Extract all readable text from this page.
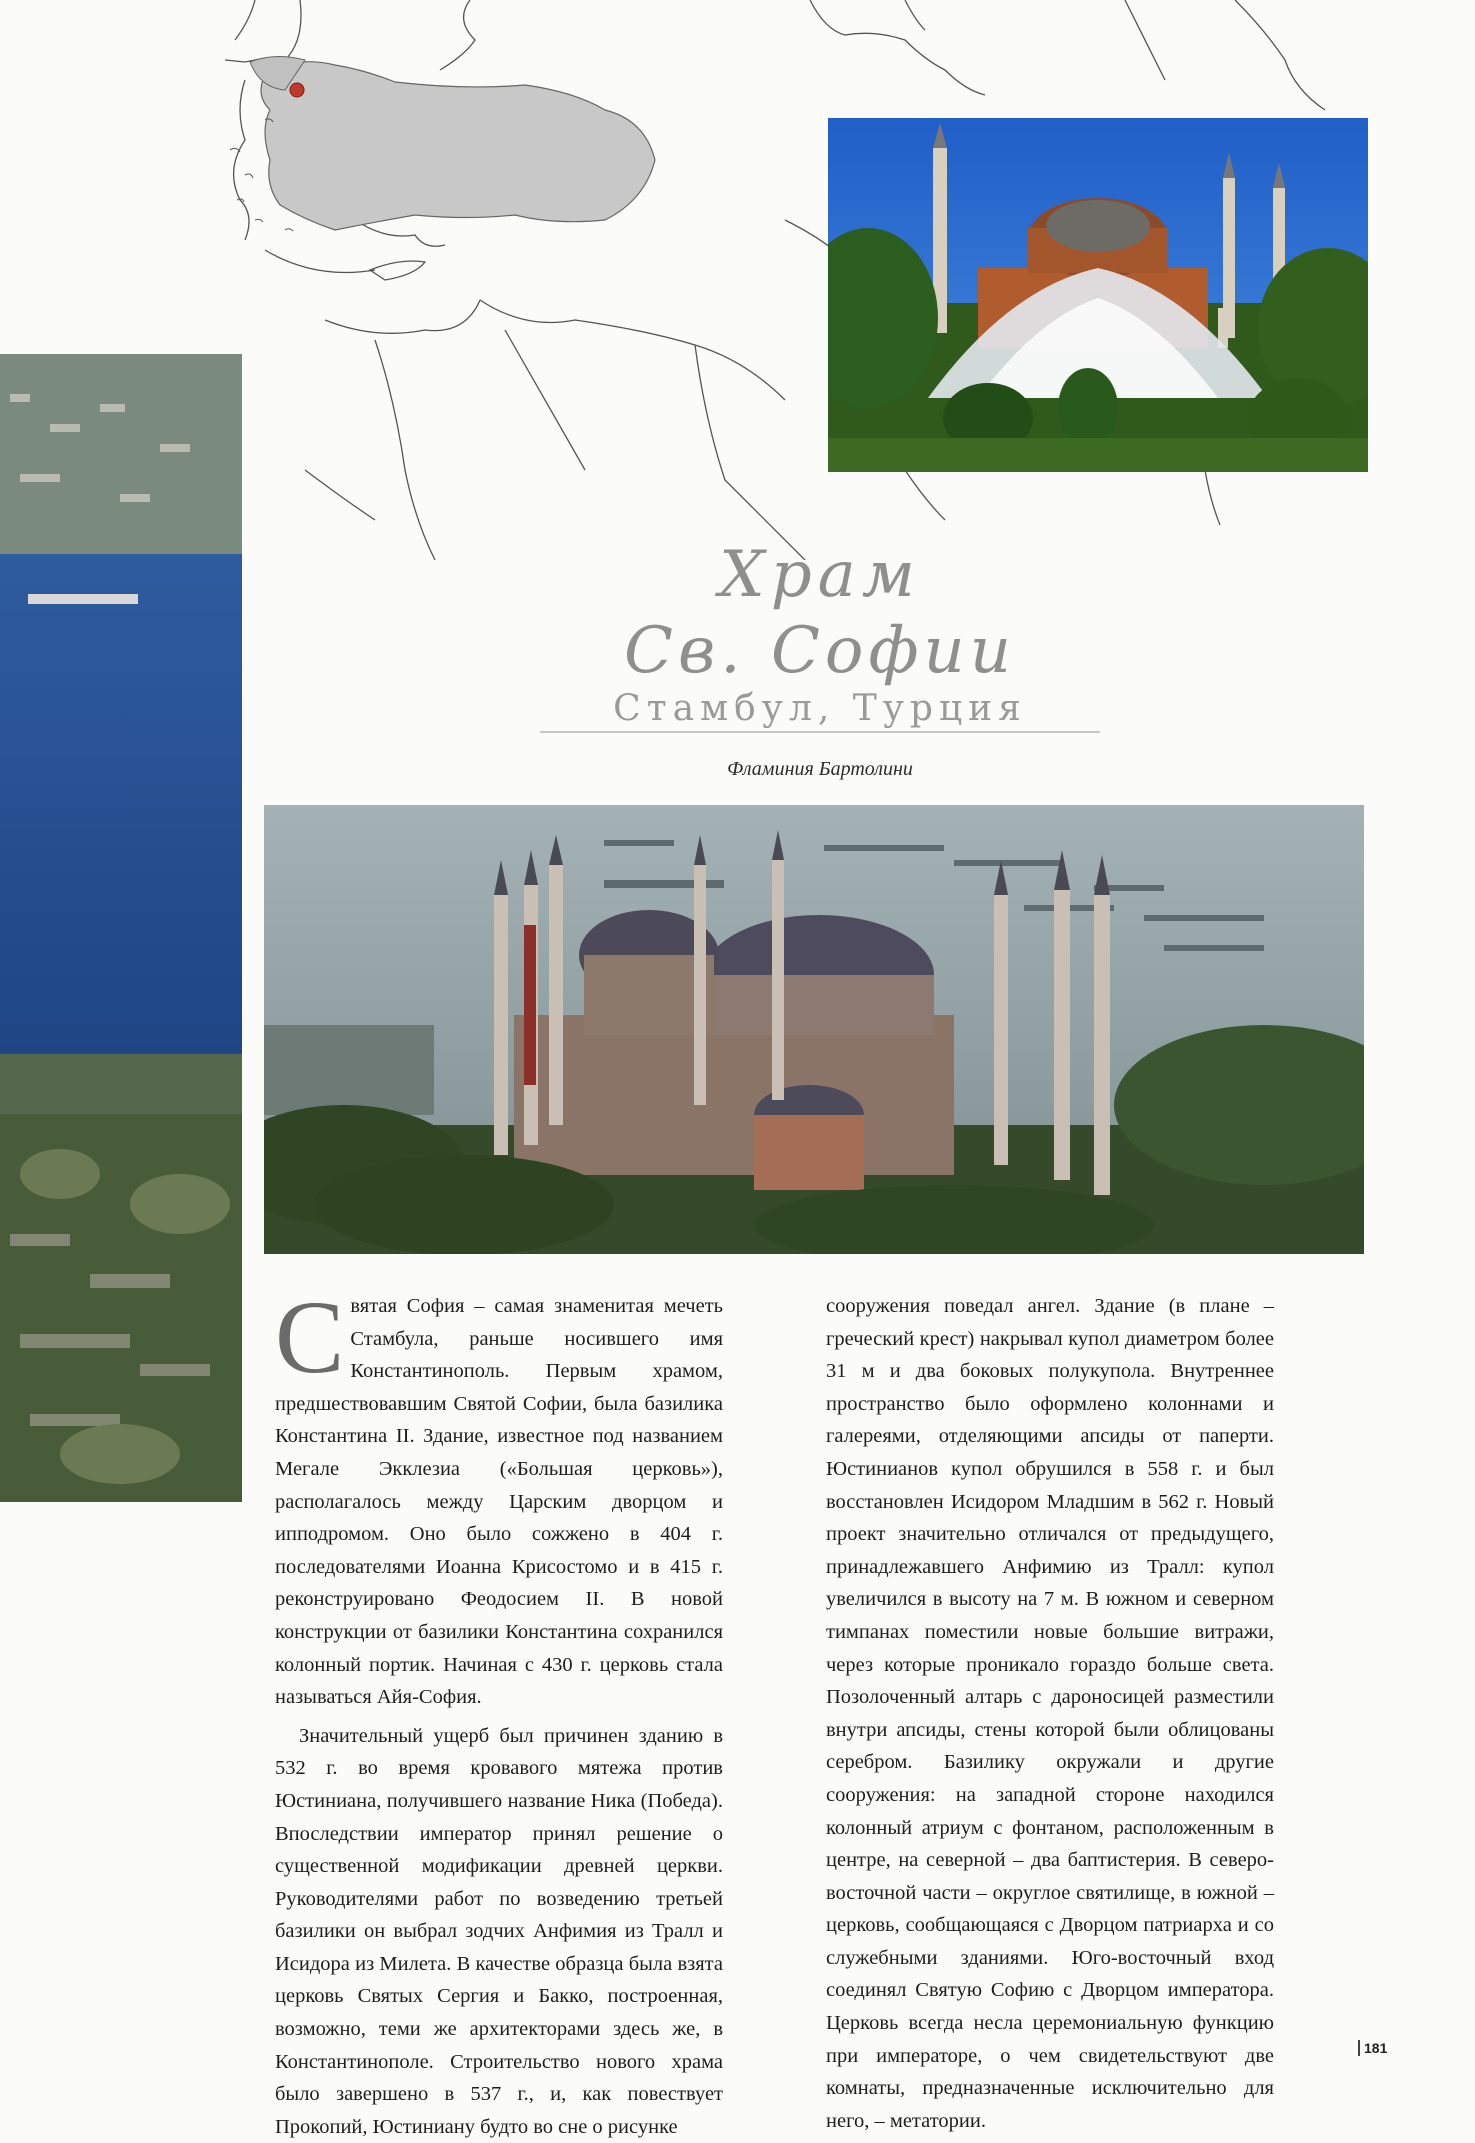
Храм
Св. Софии
Стамбул, Турция
Фламиния Бартолини

Святая София – самая знаменитая мечеть Стамбула, раньше носившего имя Константинополь. Первым храмом, предшествовавшим Святой Софии, была базилика Константина II. Здание, известное под названием Мегале Экклезиа («Большая церковь»), располагалось между Царским дворцом и ипподромом. Оно было сожжено в 404 г. последователями Иоанна Крисостомо и в 415 г. реконструировано Феодосием II. В новой конструкции от базилики Константина сохранился колонный портик. Начиная с 430 г. церковь стала называться Айя-София.

Значительный ущерб был причинен зданию в 532 г. во время кровавого мятежа против Юстиниана, получившего название Ника (Победа). Впоследствии император принял решение о существенной модификации древней церкви. Руководителями работ по возведению третьей базилики он выбрал зодчих Анфимия из Тралл и Исидора из Милета. В качестве образца была взята церковь Святых Сергия и Бакко, построенная, возможно, теми же архитекторами здесь же, в Константинополе. Строительство нового храма было завершено в 537 г., и, как повествует Прокопий, Юстиниану будто во сне о рисунке

сооружения поведал ангел. Здание (в плане – греческий крест) накрывал купол диаметром более 31 м и два боковых полукупола. Внутреннее пространство было оформлено колоннами и галереями, отделяющими апсиды от паперти. Юстинианов купол обрушился в 558 г. и был восстановлен Исидором Младшим в 562 г. Новый проект значительно отличался от предыдущего, принадлежавшего Анфимию из Тралл: купол увеличился в высоту на 7 м. В южном и северном тимпанах поместили новые большие витражи, через которые проникало гораздо больше света. Позолоченный алтарь с дароносицей разместили внутри апсиды, стены которой были облицованы серебром. Базилику окружали и другие сооружения: на западной стороне находился колонный атриум с фонтаном, расположенным в центре, на северной – два баптистерия. В северо-восточной части – округлое святилище, в южной – церковь, сообщающаяся с Дворцом патриарха и со служебными зданиями. Юго-восточный вход соединял Святую Софию с Дворцом императора. Церковь всегда несла церемониальную функцию при императоре, о чем свидетельствуют две комнаты, предназначенные исключительно для него, – метатории.

181
